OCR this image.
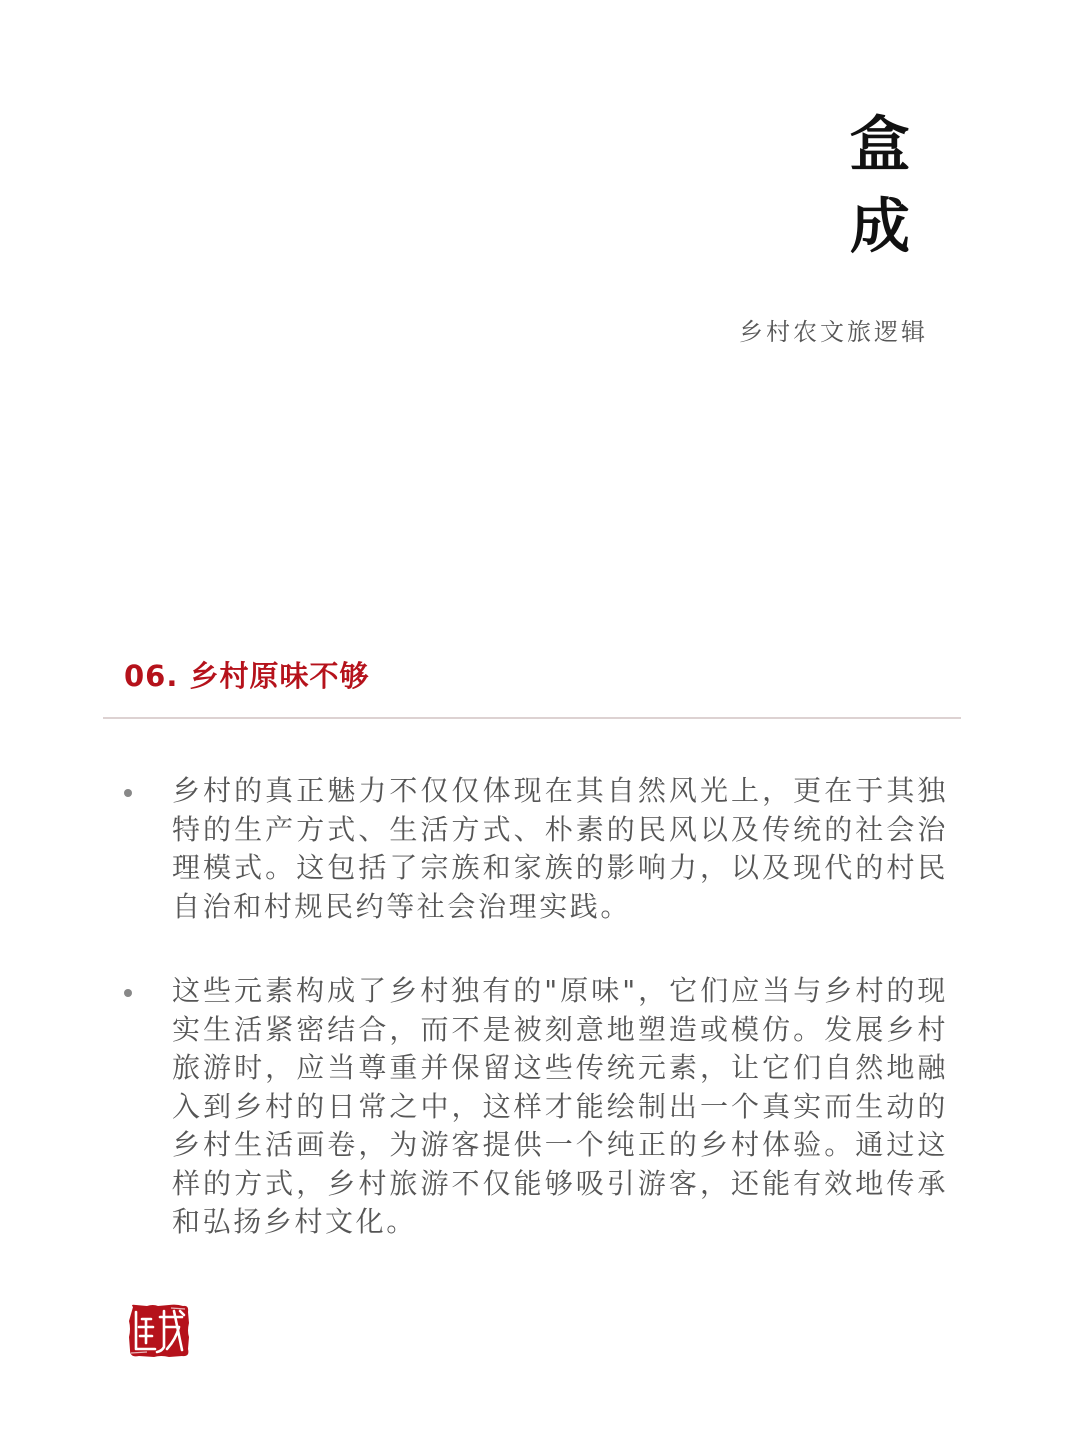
盒
成
乡村农文旅逻辑
06. 乡村原味不够
乡村的真正魅力不仅仅体现在其自然风光上，更在于其独特的生产方式、生活方式、朴素的民风以及传统的社会治理模式。这包括了宗族和家族的影响力，以及现代的村民自治和村规民约等社会治理实践。
这些元素构成了乡村独有的"原味"，它们应当与乡村的现实生活紧密结合，而不是被刻意地塑造或模仿。发展乡村旅游时，应当尊重并保留这些传统元素，让它们自然地融入到乡村的日常之中，这样才能绘制出一个真实而生动的乡村生活画卷，为游客提供一个纯正的乡村体验。通过这样的方式，乡村旅游不仅能够吸引游客，还能有效地传承和弘扬乡村文化。
